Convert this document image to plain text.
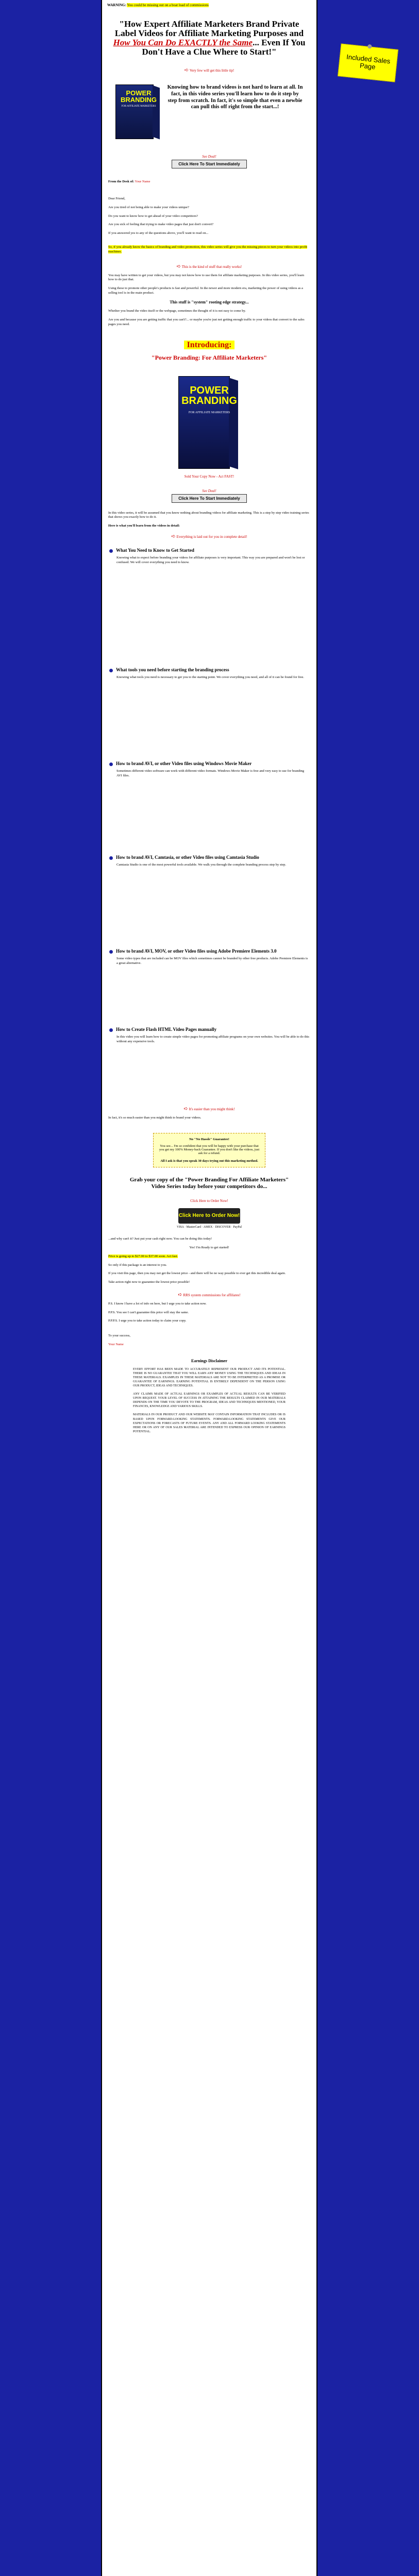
WARNING: You could be missing out on a boat load of commissions
"How Expert Affiliate Marketers Brand Private Label Videos for Affiliate Marketing Purposes and How You Can Do EXACTLY the Same... Even If You Don't Have a Clue Where to Start!"
➪ Very few will get this little tip!
POWER BRANDING
FOR AFFILIATE MARKETERS
Knowing how to brand videos is not hard to learn at all. In fact, in this video series you'll learn how to do it step by step from scratch. In fact, it's so simple that even a newbie can pull this off right from the start...!
See Deal!
Click Here To Start Immediately

From the Desk of: Your Name

Dear Friend,

Are you tired of not being able to make your videos unique?

Do you want to know how to get ahead of your video competitors?

Are you sick of feeling that trying to make video pages that just don't convert?

If you answered yes to any of the questions above, you'll want to read on...

So, if you already know the basics of branding and video promotion, this video series will give you the missing pieces to turn your videos into profit machines.

➪ This is the kind of stuff that really works!

You may have written to get your videos, but you may not know how to use them for affiliate marketing purposes. In this video series, you'll learn how to do just that.

Using these to promote other people's products is fast and powerful. In the newer and more modern era, marketing the power of using videos as a selling tool is in the main product.

This stuff is "system" rooting edge strategy...

Whether you brand the video itself or the webpage, sometimes the thought of it is not easy to come by.

Are you and because you are getting traffic that you can't?... or maybe you're just not getting enough traffic to your videos that convert to the sales pages you need.

Introducing:
"Power Branding: For Affiliate Marketers"
POWER BRANDING
FOR AFFILIATE MARKETERS
Sold Your Copy Now - Act FAST!
See Deal!
Click Here To Start Immediately

In this video series, it will be assumed that you know nothing about branding videos for affiliate marketing. This is a step by step video training series that shows you exactly how to do it.

Here is what you'll learn from the videos in detail:

➪ Everything is laid out for you in complete detail!
What You Need to Know to Get Started

Knowing what to expect before branding your videos for affiliate purposes is very important. This way you are prepared and won't be lost or confused. We will cover everything you need to know.

What tools you need before starting the branding process

Knowing what tools you need is necessary to get you to the starting point. We cover everything you need, and all of it can be found for free.

How to brand AVI, or other Video files using Windows Movie Maker

Sometimes different video software can work with different video formats. Windows Movie Maker is free and very easy to use for branding AVI files.

How to brand AVI, Camtasia, or other Video files using Camtasia Studio

Camtasia Studio is one of the most powerful tools available. We walk you through the complete branding process step by step.

How to brand AVI, MOV, or other Video files using Adobe Premiere Elements 3.0

Some video types that are included can be MOV files which sometimes cannot be branded by other free products. Adobe Premiere Elements is a great alternative.

How to Create Flash HTML Video Pages manually

In this video you will learn how to create simple video pages for promoting affiliate programs on your own websites. You will be able to do this without any expensive tools.

➪ It's easier than you might think!

In fact, it's so much easier than you might think to brand your videos.

No "No Hassle" Guarantee!
You see... I'm so confident that you will be happy with your purchase that you get my 100% Money-back Guarantee. If you don't like the videos, just ask for a refund.
All I ask is that you speak 30 days trying out this marketing method.
Grab your copy of the "Power Branding For Affiliate Marketers" Video Series today before your competitors do...
Click Here to Order Now!
Click Here to Order Now!
VISA · MasterCard · AMEX · DISCOVER · PayPal

...and why can't it? Just put your cash right now. You can be doing this today!

Yes! I'm Ready to get started!

Price is going up to $27.00 to $37.00 soon. Act fast.

So only if this package is an interest to you.

If you visit this page, then you may not get the lowest price - and there will be no way possible to ever get this incredible deal again.

Take action right now to guarantee the lowest price possible!

➪ RRS system commissions for affiliates!

P.S. I know I have a lot of info on here, but I urge you to take action now.

P.P.S. You see I can't guarantee this price will stay the same.

P.P.P.S. I urge you to take action today to claim your copy.

To your success,

Your Name

Earnings Disclaimer
EVERY EFFORT HAS BEEN MADE TO ACCURATELY REPRESENT OUR PRODUCT AND ITS POTENTIAL. THERE IS NO GUARANTEE THAT YOU WILL EARN ANY MONEY USING THE TECHNIQUES AND IDEAS IN THESE MATERIALS. EXAMPLES IN THESE MATERIALS ARE NOT TO BE INTERPRETED AS A PROMISE OR GUARANTEE OF EARNINGS. EARNING POTENTIAL IS ENTIRELY DEPENDENT ON THE PERSON USING OUR PRODUCT, IDEAS AND TECHNIQUES.
ANY CLAIMS MADE OF ACTUAL EARNINGS OR EXAMPLES OF ACTUAL RESULTS CAN BE VERIFIED UPON REQUEST. YOUR LEVEL OF SUCCESS IN ATTAINING THE RESULTS CLAIMED IN OUR MATERIALS DEPENDS ON THE TIME YOU DEVOTE TO THE PROGRAM, IDEAS AND TECHNIQUES MENTIONED, YOUR FINANCES, KNOWLEDGE AND VARIOUS SKILLS.
MATERIALS IN OUR PRODUCT AND OUR WEBSITE MAY CONTAIN INFORMATION THAT INCLUDES OR IS BASED UPON FORWARD-LOOKING STATEMENTS. FORWARD-LOOKING STATEMENTS GIVE OUR EXPECTATIONS OR FORECASTS OF FUTURE EVENTS. ANY AND ALL FORWARD LOOKING STATEMENTS HERE OR ON ANY OF OUR SALES MATERIAL ARE INTENDED TO EXPRESS OUR OPINION OF EARNINGS POTENTIAL.
Included Sales Page
